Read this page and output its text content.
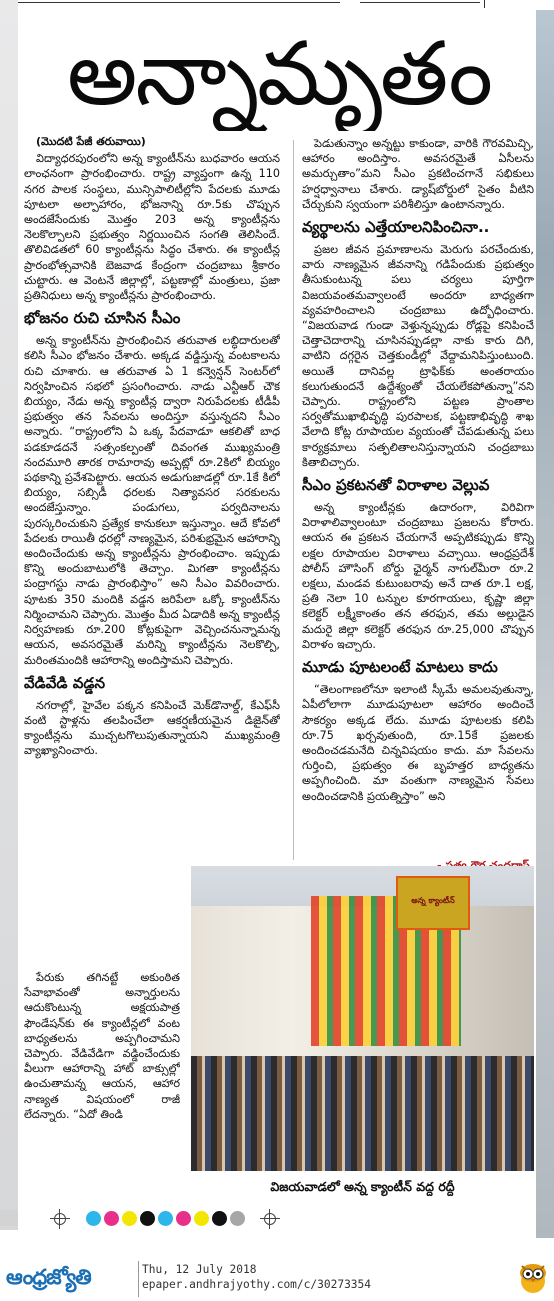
అన్నామృతం
(మొదటి పేజీ తరువాయి)

విద్యాధరపురంలోని అన్న క్యాంటీన్‌ను బుధవారం ఆయన లాంఛనంగా ప్రారంభించారు. రాష్ట్ర వ్యాప్తంగా ఉన్న 110 నగర పాలక సంస్థలు, మున్సిపాలిటీల్లోని పేదలకు మూడు పూటలా అల్పాహారం, భోజనాన్ని రూ.5కు చొప్పున అందజేసేందుకు మొత్తం 203 అన్న క్యాంటీన్లను నెలకొల్పాలని ప్రభుత్వం నిర్ణయించిన సంగతి తెలిసిందే. తొలివిడతలో 60 క్యాంటీన్లను సిద్ధం చేశారు. ఈ క్యాంటీన్ల ప్రారంభోత్సవానికి బెజవాడ కేంద్రంగా చంద్రబాబు శ్రీకారం చుట్టారు. ఆ వెంటనే జిల్లాల్లో, పట్టణాల్లో మంత్రులు, ప్రజా ప్రతినిధులు అన్న క్యాంటీన్లను ప్రారంభించారు.

భోజనం రుచి చూసిన సీఎం

అన్న క్యాంటీన్‌ను ప్రారంభించిన తరువాత లబ్ధిదారులతో కలిసి సీఎం భోజనం చేశారు. అక్కడ వడ్డిస్తున్న వంటకాలను రుచి చూశారు. ఆ తరువాత ఏ 1 కన్వెన్షన్ సెంటర్‌లో నిర్వహించిన సభలో ప్రసంగించారు. నాడు ఎన్టీఆర్ చౌక బియ్యం, నేడు అన్న క్యాంటీన్ల ద్వారా నిరుపేదలకు టీడీపీ ప్రభుత్వం తన సేవలను అందిస్తూ వస్తున్నదని సీఎం అన్నారు. “రాష్ట్రంలోని ఏ ఒక్క పేదవాడూ ఆకలితో బాధ పడకూడదనే సత్సంకల్పంతో దివంగత ముఖ్యమంత్రి నందమూరి తారక రామారావు అప్పట్లో రూ.2కిలో బియ్యం పథకాన్ని ప్రవేశపెట్టారు. ఆయన అడుగుజాడల్లో రూ.1కే కిలో బియ్యం, సబ్సిడీ ధరలకు నిత్యావసర సరకులను అందజేస్తున్నాం. పండుగలు, పర్వదినాలను పురస్కరించుకుని ప్రత్యేక కానుకలూ ఇస్తున్నాం. ఆదే కోవలో పేదలకు రాయితీ ధరల్లో నాణ్యమైన, పరిశుభ్రమైన ఆహారాన్ని అందించేందుకు అన్న క్యాంటీన్లను ప్రారంభించాం. ఇప్పుడు కొన్ని అందుబాటులోకి తెచ్చాం. మిగతా క్యాంటీన్లను పంద్రాగస్టు నాడు ప్రారంభిస్తాం” అని సీఎం వివరించారు. పూటకు 350 మందికి వడ్డన జరిపేలా ఒక్కో క్యాంటీన్‌ను నిర్మించామని చెప్పారు. మొత్తం మీద ఏడాదికి అన్న క్యాంటీన్ల నిర్వహణకు రూ.200 కోట్లకుపైగా వెచ్చించనున్నామన్న ఆయన, అవసరమైతే మరిన్ని క్యాంటీన్లను నెలకొల్పి, మరింతమందికి ఆహారాన్ని అందిస్తామని చెప్పారు.

వేడివేడి వడ్డన

నగరాల్లో, హైవేల పక్కన కనిపించే మెక్‌డొనాల్డ్, కేఎఫ్‌సీ వంటి స్టాళ్లను తలపించేలా ఆకర్షణీయమైన డిజైన్‌తో క్యాంటీన్లను ముచ్చటగొలుపుతున్నాయని ముఖ్యమంత్రి వ్యాఖ్యానించారు.

పేరుకు తగినట్టే అకుంఠిత సేవాభావంతో అన్నార్తులను ఆదుకొంటున్న అక్షయపాత్ర ఫౌండేషన్‌కు ఈ క్యాంటీన్లలో వంట బాధ్యతలను అప్పగించామని చెప్పారు. వేడివేడిగా వడ్డించేందుకు వీలుగా ఆహారాన్ని హాట్ బాక్సుల్లో ఉంచుతామన్న ఆయన, ఆహార నాణ్యత విషయంలో రాజీ లేదన్నారు. “ఏదో తిండి

పెడుతున్నాం అన్నట్టు కాకుండా, వారికి గౌరవమిచ్చి, ఆహారం అందిస్తాం. అవసరమైతే ఏసీలను అమర్చుతాం”మని సీఎం ప్రకటించగానే సభికులు హర్షధ్వానాలు చేశారు. డ్యాష్‌బోర్డులో సైతం వీటిని చేర్చుకుని స్వయంగా పరిశీలిస్తూ ఉంటానన్నారు.

వ్యర్థాలను ఎత్తేయాలనిపించినా..

ప్రజల జీవన ప్రమాణాలను మెరుగు పరచేందుకు, వారు నాణ్యమైన జీవనాన్ని గడిపేందుకు ప్రభుత్వం తీసుకుంటున్న పలు చర్యలు పూర్తిగా విజయవంతమవ్వాలంటే అందరూ బాధ్యతగా వ్యవహరించాలని చంద్రబాబు ఉద్బోధించారు. “విజయవాడ గుండా వెళ్తున్నప్పుడు రోడ్లపై కనిపించే చెత్తాచెదారాన్ని చూసినప్పుడల్లా నాకు కారు దిగి, వాటిని దగ్గరైన చెత్తకుండీల్లో వేద్దామనిపిస్తుంటుంది. అయితే దానివల్ల ట్రాఫిక్‌కు అంతరాయం కలుగుతుందనే ఉద్దేశ్యంతో చేయలేకపోతున్నా”నని చెప్పారు. రాష్ట్రంలోని పట్టణ ప్రాంతాల సర్వతోముఖాభివృద్ధి పురపాలక, పట్టణాభివృద్ధి శాఖ వేలాది కోట్ల రూపాయల వ్యయంతో చేపడుతున్న పలు కార్యక్రమాలు సత్ఫలితాలనిస్తున్నాయని చంద్రబాబు కితాబిచ్చారు.

సీఎం ప్రకటనతో విరాళాల వెల్లువ

అన్న క్యాంటీన్లకు ఉదారంగా, విరివిగా విరాళాలివ్వాలంటూ చంద్రబాబు ప్రజలను కోరారు. ఆయన ఈ ప్రకటన చేయగానే అప్పటికప్పుడు కొన్ని లక్షల రూపాయల విరాళాలు వచ్చాయి. ఆంధ్రప్రదేశ్ పోలీస్ హౌసింగ్ బోర్డు ఛైర్మన్ నాగుల్‌మీరా రూ.2 లక్షలు, మండవ కుటుంబరావు అనే దాత రూ.1 లక్ష, ప్రతి నెలా 10 టన్నుల కూరగాయలు, కృష్ణా జిల్లా కలెక్టర్ లక్ష్మీకాంతం తన తరఫున, తమ అల్లుడైన మదురై జిల్లా కలెక్టర్ తరఫున రూ.25,000 చొప్పున విరాళం ఇచ్చారు.

మూడు పూటలంటే మాటలు కాదు

“తెలంగాణలోనూ ఇలాంటి స్కీమే అమలవుతున్నా, ఏపీలోలాగా మూడుపూటలా ఆహారం అందించే సౌకర్యం అక్కడ లేదు. మూడు పూటలకు కలిపి రూ.75 ఖర్చవుతుంది, రూ.15కే ప్రజలకు అందించడమనేది చిన్నవిషయం కాదు. మా సేవలను గుర్తించి, ప్రభుత్వం ఈ బృహత్తర బాధ్యతను అప్పగించింది. మా వంతుగా నాణ్యమైన సేవలు అందించడానికి ప్రయత్నిస్తాం” అని

అన్న క్యాంటీన్
విజయవాడలో అన్న క్యాంటీన్ వద్ద రద్దీ
ఆంధ్రజ్యోతి	Thu, 12 July 2018
epaper.andhrajyothy.com/c/30273354
